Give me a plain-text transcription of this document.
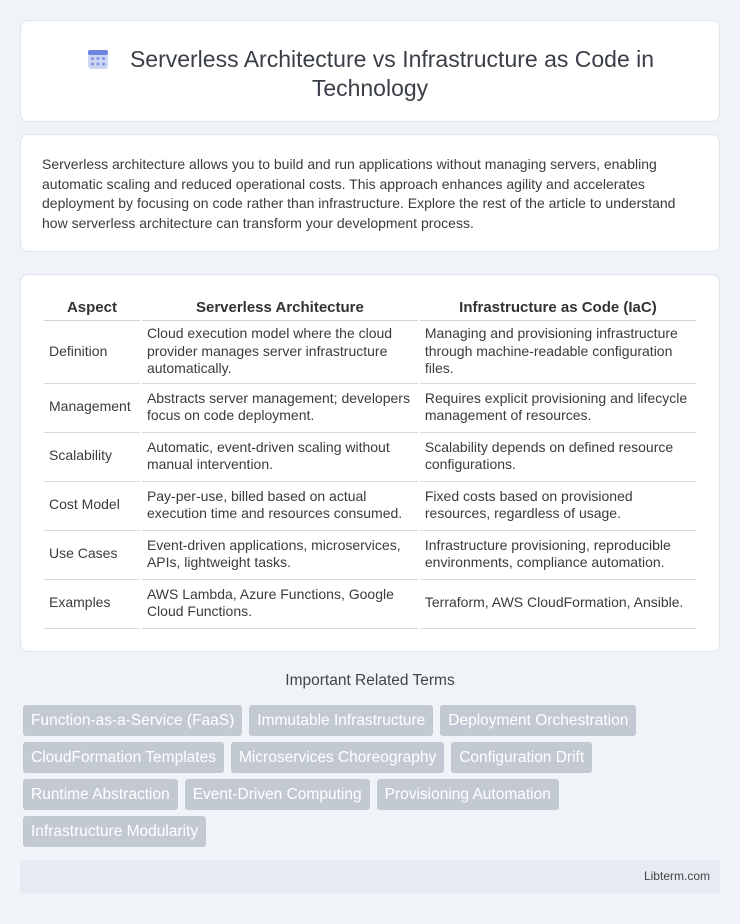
Serverless Architecture vs Infrastructure as Code in Technology

Serverless architecture allows you to build and run applications without managing servers, enabling automatic scaling and reduced operational costs. This approach enhances agility and accelerates deployment by focusing on code rather than infrastructure. Explore the rest of the article to understand how serverless architecture can transform your development process.

Aspect	Serverless Architecture	Infrastructure as Code (IaC)
Definition	Cloud execution model where the cloud provider manages server infrastructure automatically.	Managing and provisioning infrastructure through machine-readable configuration files.
Management	Abstracts server management; developers focus on code deployment.	Requires explicit provisioning and lifecycle management of resources.
Scalability	Automatic, event-driven scaling without manual intervention.	Scalability depends on defined resource configurations.
Cost Model	Pay-per-use, billed based on actual execution time and resources consumed.	Fixed costs based on provisioned resources, regardless of usage.
Use Cases	Event-driven applications, microservices, APIs, lightweight tasks.	Infrastructure provisioning, reproducible environments, compliance automation.
Examples	AWS Lambda, Azure Functions, Google Cloud Functions.	Terraform, AWS CloudFormation, Ansible.
Important Related Terms
Function-as-a-Service (FaaS)	Immutable Infrastructure	Deployment Orchestration
CloudFormation Templates	Microservices Choreography	Configuration Drift
Runtime Abstraction	Event-Driven Computing	Provisioning Automation
Infrastructure Modularity
Libterm.com
